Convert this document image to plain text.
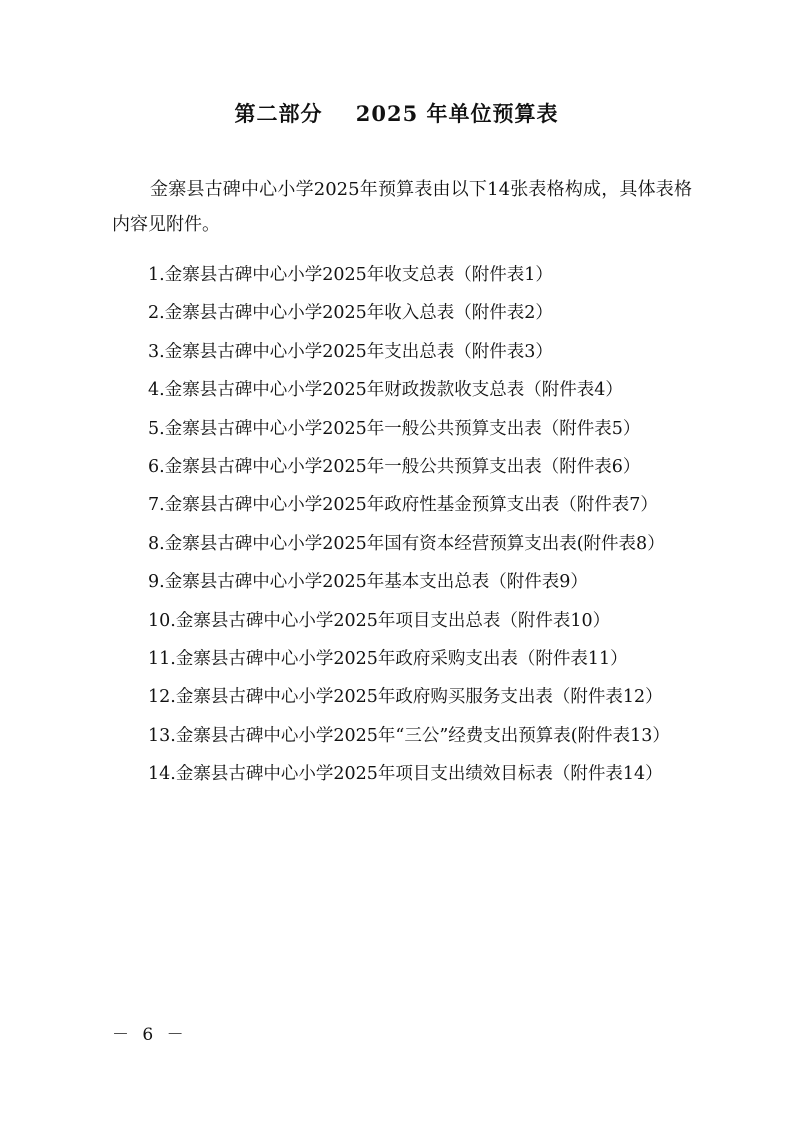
第二部分    2025 年单位预算表

金寨县古碑中心小学2025年预算表由以下14张表格构成，具体表格内容见附件。

1.金寨县古碑中心小学2025年收支总表（附件表1）
2.金寨县古碑中心小学2025年收入总表（附件表2）
3.金寨县古碑中心小学2025年支出总表（附件表3）
4.金寨县古碑中心小学2025年财政拨款收支总表（附件表4）
5.金寨县古碑中心小学2025年一般公共预算支出表（附件表5）
6.金寨县古碑中心小学2025年一般公共预算支出表（附件表6）
7.金寨县古碑中心小学2025年政府性基金预算支出表（附件表7）
8.金寨县古碑中心小学2025年国有资本经营预算支出表(附件表8）
9.金寨县古碑中心小学2025年基本支出总表（附件表9）
10.金寨县古碑中心小学2025年项目支出总表（附件表10）
11.金寨县古碑中心小学2025年政府采购支出表（附件表11）
12.金寨县古碑中心小学2025年政府购买服务支出表（附件表12）
13.金寨县古碑中心小学2025年“三公”经费支出预算表(附件表13）
14.金寨县古碑中心小学2025年项目支出绩效目标表（附件表14）
－ 6 －
